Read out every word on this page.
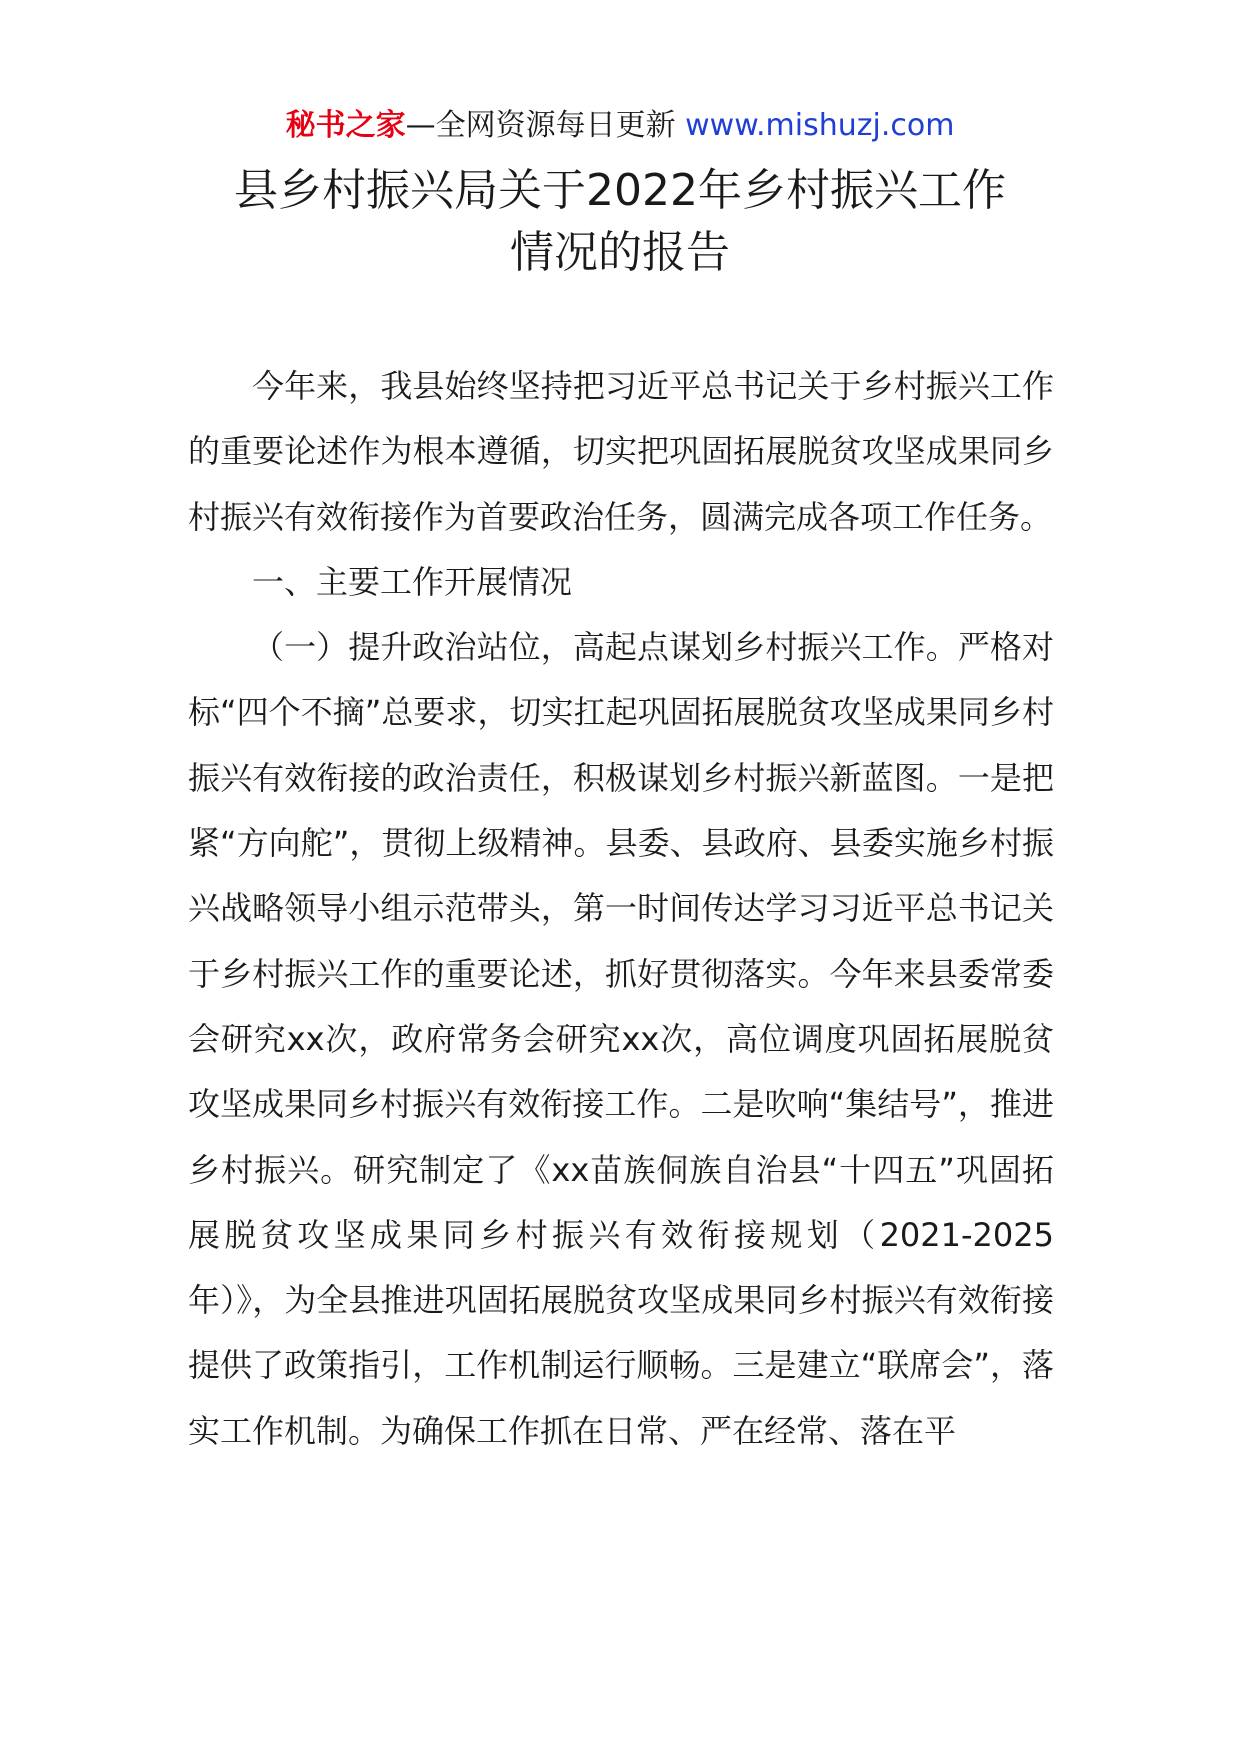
秘书之家—全网资源每日更新 www.mishuzj.com
县乡村振兴局关于2022年乡村振兴工作
情况的报告

今年来，我县始终坚持把习近平总书记关于乡村振兴工作的重要论述作为根本遵循，切实把巩固拓展脱贫攻坚成果同乡村振兴有效衔接作为首要政治任务，圆满完成各项工作任务。

一、主要工作开展情况

（一）提升政治站位，高起点谋划乡村振兴工作。严格对标“四个不摘”总要求，切实扛起巩固拓展脱贫攻坚成果同乡村振兴有效衔接的政治责任，积极谋划乡村振兴新蓝图。一是把紧“方向舵”，贯彻上级精神。县委、县政府、县委实施乡村振兴战略领导小组示范带头，第一时间传达学习习近平总书记关于乡村振兴工作的重要论述，抓好贯彻落实。今年来县委常委会研究xx次，政府常务会研究xx次，高位调度巩固拓展脱贫攻坚成果同乡村振兴有效衔接工作。二是吹响“集结号”，推进乡村振兴。研究制定了《xx苗族侗族自治县“十四五”巩固拓展脱贫攻坚成果同乡村振兴有效衔接规划（2021-2025年）》，为全县推进巩固拓展脱贫攻坚成果同乡村振兴有效衔接提供了政策指引，工作机制运行顺畅。三是建立“联席会”，落实工作机制。为确保工作抓在日常、严在经常、落在平
